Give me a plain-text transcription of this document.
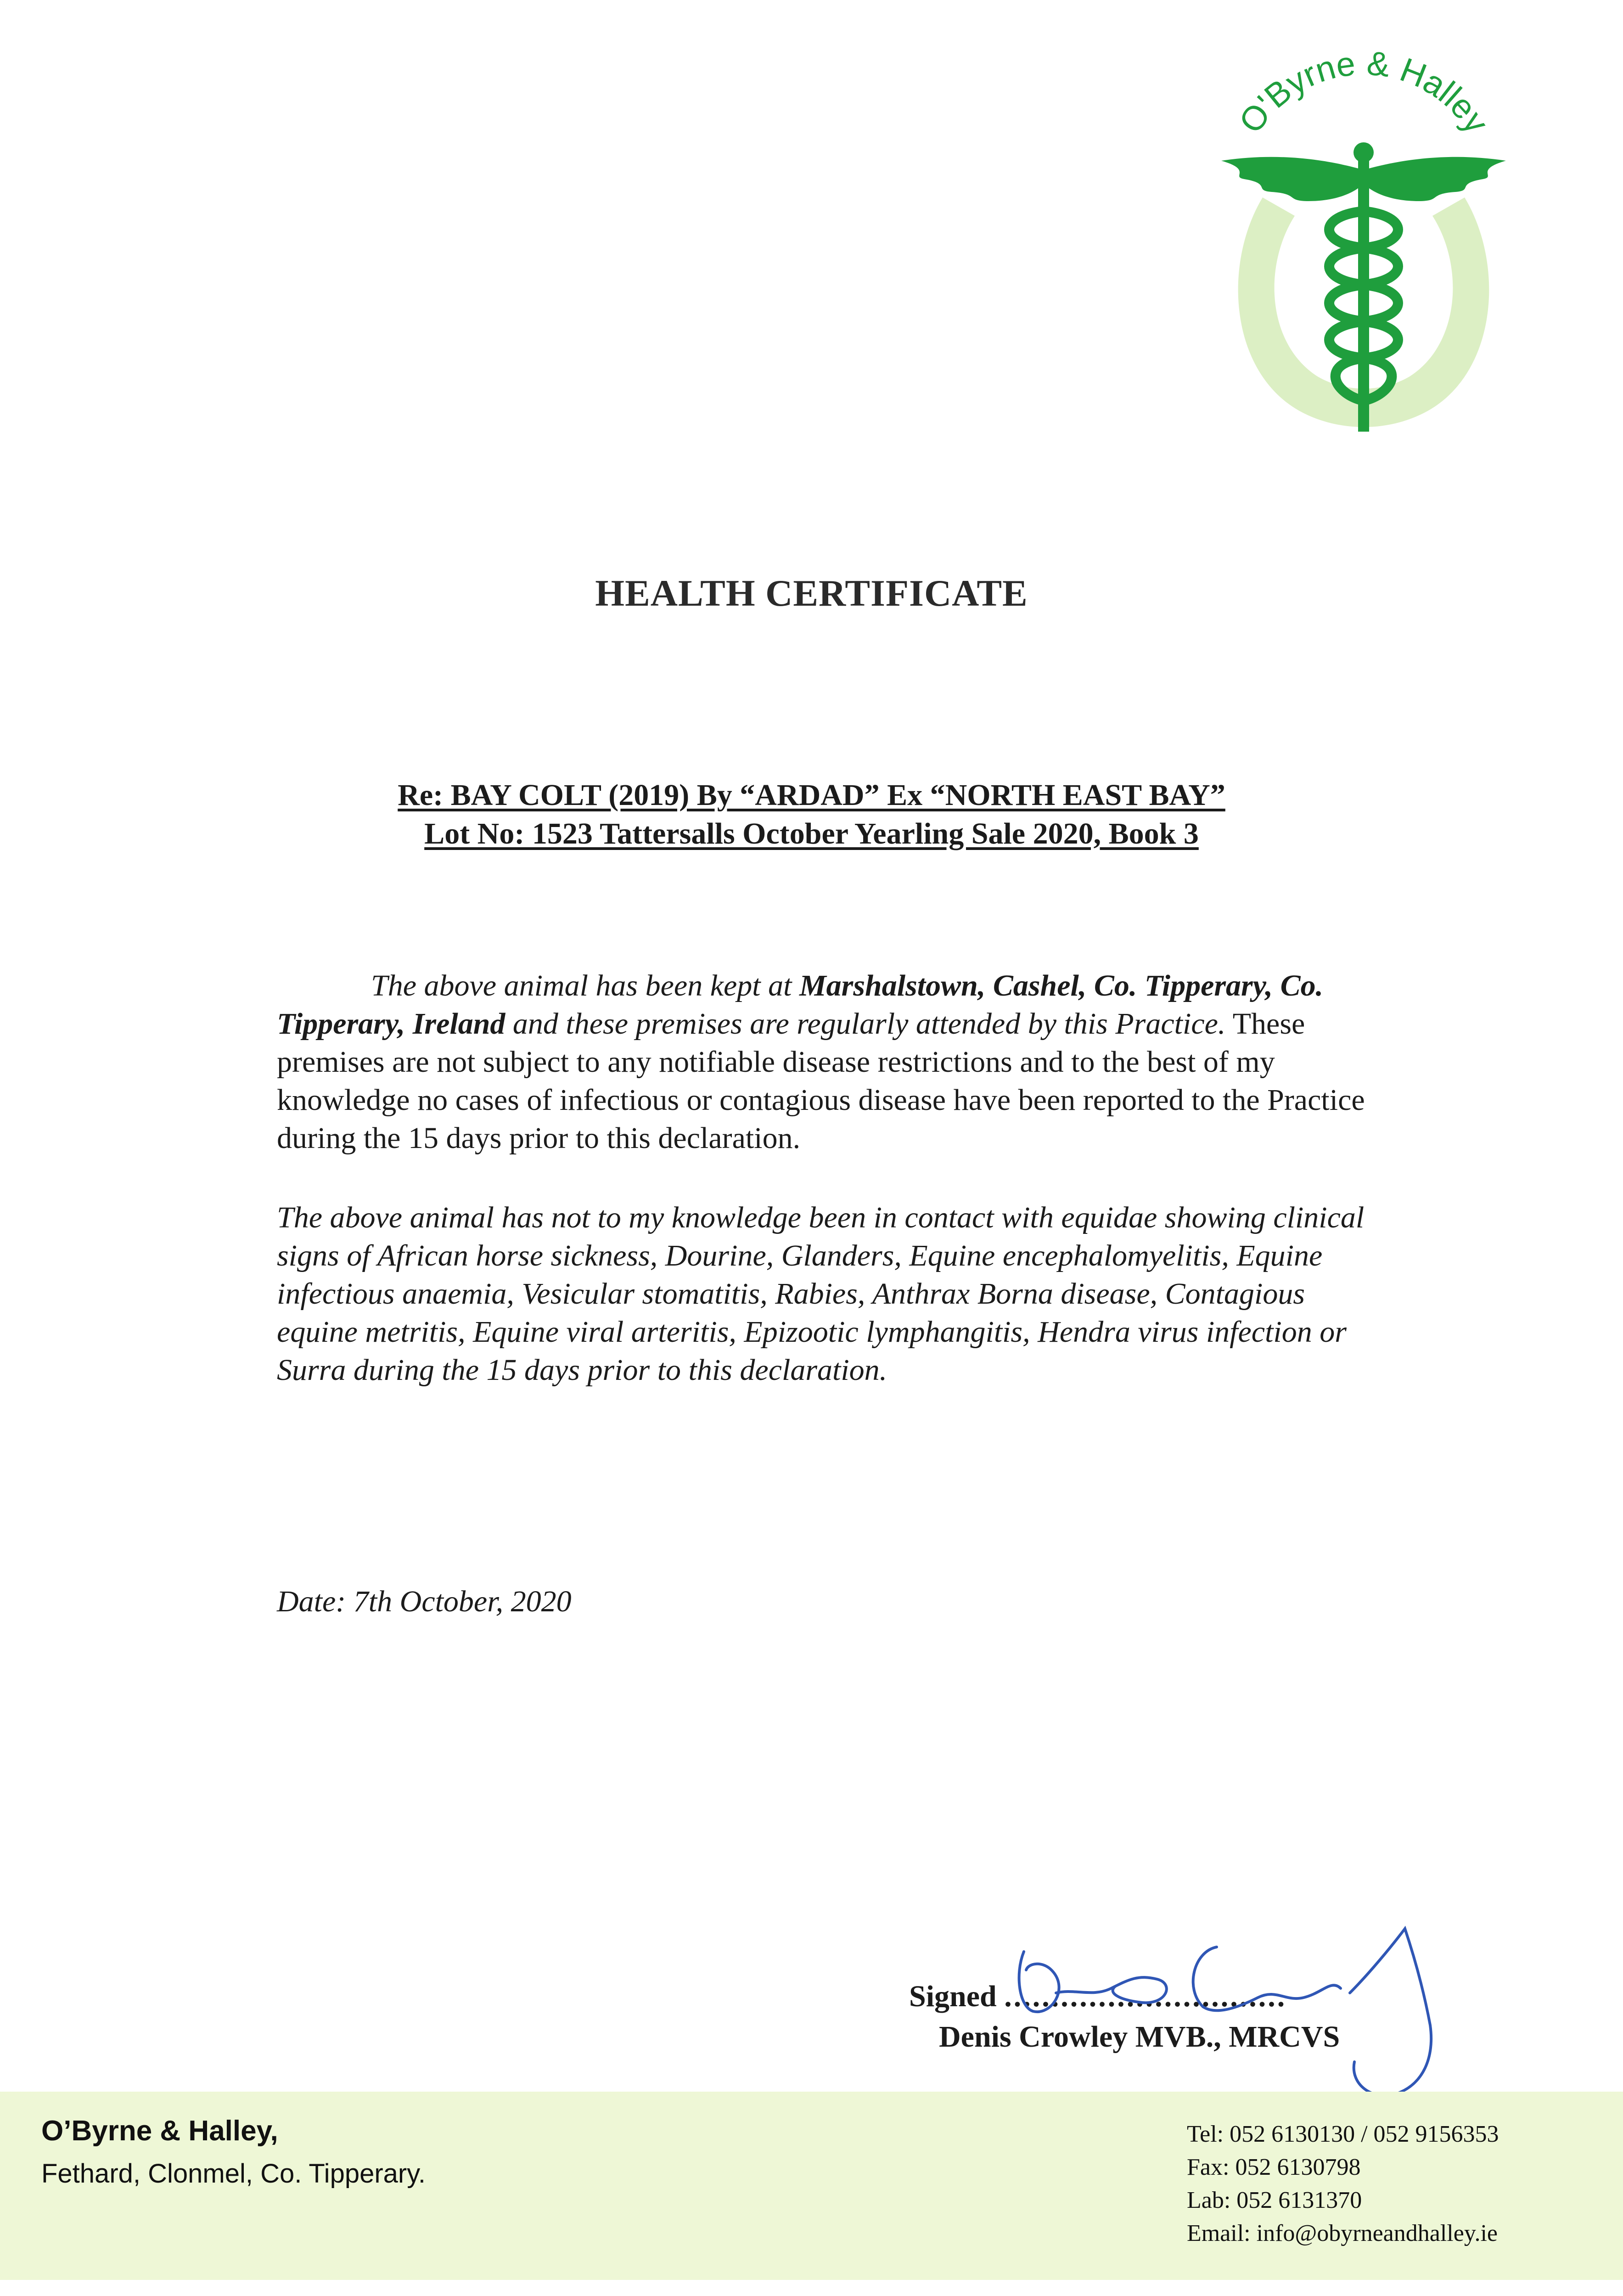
O'Byrne & Halley
HEALTH CERTIFICATE
Re: BAY COLT (2019) By “ARDAD” Ex “NORTH EAST BAY”
Lot No: 1523 Tattersalls October Yearling Sale 2020, Book 3
The above animal has been kept at Marshalstown, Cashel, Co. Tipperary, Co. Tipperary, Ireland and these premises are regularly attended by this Practice. These premises are not subject to any notifiable disease restrictions and to the best of my knowledge no cases of infectious or contagious disease have been reported to the Practice during the 15 days prior to this declaration.
The above animal has not to my knowledge been in contact with equidae showing clinical signs of African horse sickness, Dourine, Glanders, Equine encephalomyelitis, Equine infectious anaemia, Vesicular stomatitis, Rabies, Anthrax Borna disease, Contagious equine metritis, Equine viral arteritis, Epizootic lymphangitis, Hendra virus infection or Surra during the 15 days prior to this declaration.
Date: 7th October, 2020
Signed ..............................
Denis Crowley MVB., MRCVS
O’Byrne & Halley,
Fethard, Clonmel, Co. Tipperary.
Tel: 052 6130130 / 052 9156353
Fax: 052 6130798
Lab: 052 6131370
Email: info@obyrneandhalley.ie
